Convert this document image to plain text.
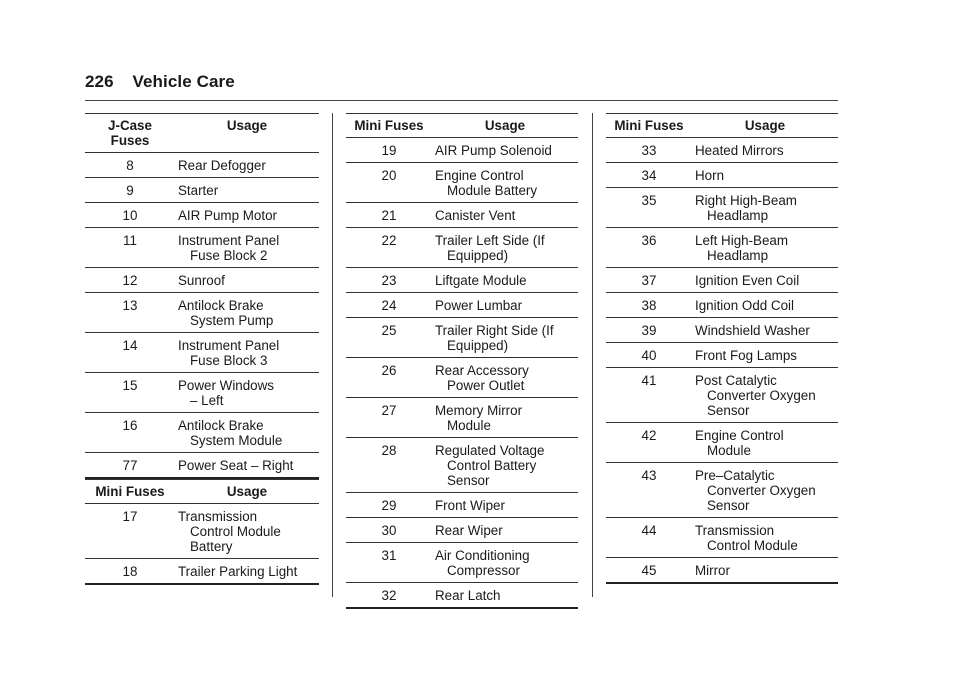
226 Vehicle Care
J-Case
Fuses	Usage

8	Rear Defogger

9	Starter

10	AIR Pump Motor

11	Instrument Panel
Fuse Block 2

12	Sunroof

13	Antilock Brake
System Pump

14	Instrument Panel
Fuse Block 3

15	Power Windows
– Left

16	Antilock Brake
System Module

77	Power Seat – Right
Mini Fuses	Usage

17	Transmission
Control Module
Battery

18	Trailer Parking Light
Mini Fuses	Usage

19	AIR Pump Solenoid

20	Engine Control
Module Battery

21	Canister Vent

22	Trailer Left Side (If
Equipped)

23	Liftgate Module

24	Power Lumbar

25	Trailer Right Side (If
Equipped)

26	Rear Accessory
Power Outlet

27	Memory Mirror
Module

28	Regulated Voltage
Control Battery
Sensor

29	Front Wiper

30	Rear Wiper

31	Air Conditioning
Compressor

32	Rear Latch
Mini Fuses	Usage

33	Heated Mirrors

34	Horn

35	Right High-Beam
Headlamp

36	Left High-Beam
Headlamp

37	Ignition Even Coil

38	Ignition Odd Coil

39	Windshield Washer

40	Front Fog Lamps

41	Post Catalytic
Converter Oxygen
Sensor

42	Engine Control
Module

43	Pre–Catalytic
Converter Oxygen
Sensor

44	Transmission
Control Module

45	Mirror
